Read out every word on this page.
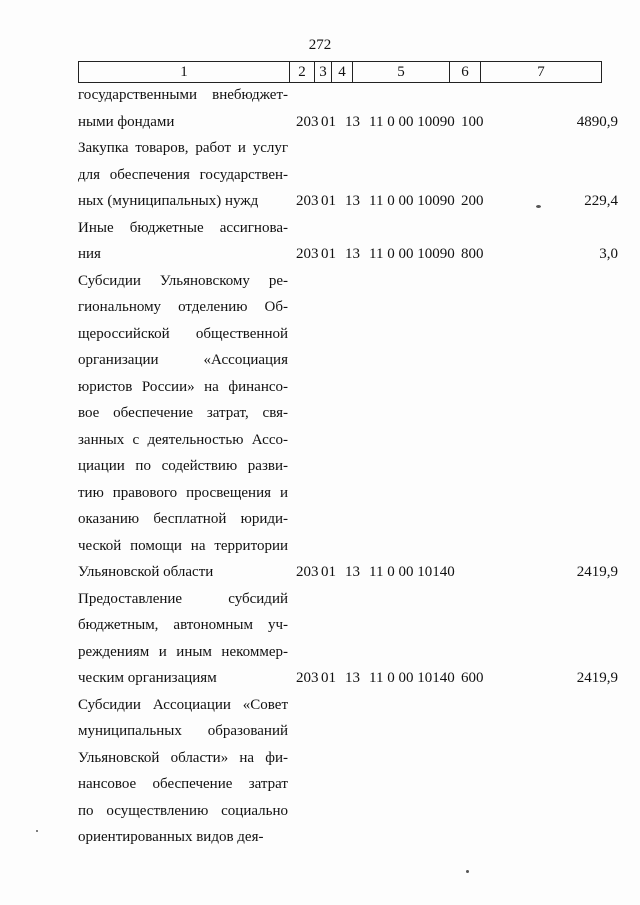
272
1	2	3	4	5	6	7
государственными внебюджет-
ными фондами	203 01 13 11 0 00 10090 100	4890,9
Закупка товаров, работ и услуг
для обеспечения государствен-
ных (муниципальных) нужд	203 01 13 11 0 00 10090 200	229,4
Иные бюджетные ассигнова-
ния	203 01 13 11 0 00 10090 800	3,0
Субсидии Ульяновскому ре-
гиональному отделению Об-
щероссийской общественной
организации «Ассоциация
юристов России» на финансо-
вое обеспечение затрат, свя-
занных с деятельностью Ассо-
циации по содействию разви-
тию правового просвещения и
оказанию бесплатной юриди-
ческой помощи на территории
Ульяновской области	203 01 13 11 0 00 10140	2419,9
Предоставление субсидий
бюджетным, автономным уч-
реждениям и иным некоммер-
ческим организациям	203 01 13 11 0 00 10140 600	2419,9
Субсидии Ассоциации «Совет
муниципальных образований
Ульяновской области» на фи-
нансовое обеспечение затрат
по осуществлению социально
ориентированных видов дея-
